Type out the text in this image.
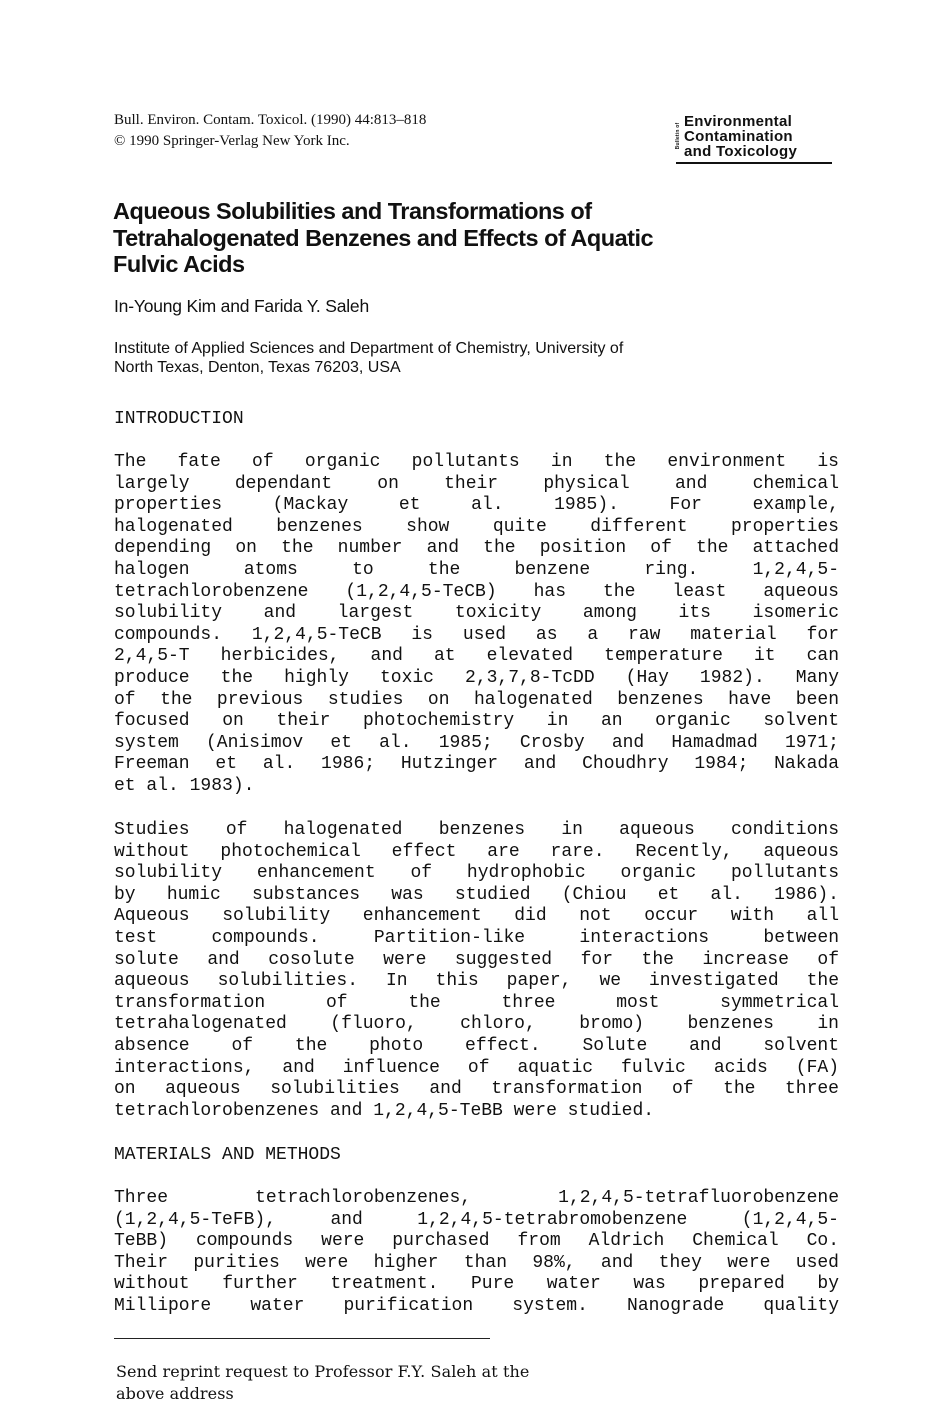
Bull. Environ. Contam. Toxicol. (1990) 44:813–818
© 1990 Springer-Verlag New York Inc.	Bulletin of
Environmental
Contamination
and Toxicology
Aqueous Solubilities and Transformations of
Tetrahalogenated Benzenes and Effects of Aquatic
Fulvic Acids
In-Young Kim and Farida Y. Saleh
Institute of Applied Sciences and Department of Chemistry, University of
North Texas, Denton, Texas 76203, USA
INTRODUCTION
The fate of organic pollutants in the environment is
largely dependant on their physical and chemical
properties (Mackay et al. 1985). For example,
halogenated benzenes show quite different properties
depending on the number and the position of the attached
halogen atoms to the benzene ring. 1,2,4,5-
tetrachlorobenzene (1,2,4,5-TeCB) has the least aqueous
solubility and largest toxicity among its isomeric
compounds. 1,2,4,5-TeCB is used as a raw material for
2,4,5-T herbicides, and at elevated temperature it can
produce the highly toxic 2,3,7,8-TcDD (Hay 1982). Many
of the previous studies on halogenated benzenes have been
focused on their photochemistry in an organic solvent
system (Anisimov et al. 1985; Crosby and Hamadmad 1971;
Freeman et al. 1986; Hutzinger and Choudhry 1984; Nakada
et al. 1983).
Studies of halogenated benzenes in aqueous conditions
without photochemical effect are rare. Recently, aqueous
solubility enhancement of hydrophobic organic pollutants
by humic substances was studied (Chiou et al. 1986).
Aqueous solubility enhancement did not occur with all
test compounds. Partition-like interactions between
solute and cosolute were suggested for the increase of
aqueous solubilities. In this paper, we investigated the
transformation of the three most symmetrical
tetrahalogenated (fluoro, chloro, bromo) benzenes in
absence of the photo effect. Solute and solvent
interactions, and influence of aquatic fulvic acids (FA)
on aqueous solubilities and transformation of the three
tetrachlorobenzenes and 1,2,4,5-TeBB were studied.
MATERIALS AND METHODS
Three tetrachlorobenzenes, 1,2,4,5-tetrafluorobenzene
(1,2,4,5-TeFB), and 1,2,4,5-tetrabromobenzene (1,2,4,5-
TeBB) compounds were purchased from Aldrich Chemical Co.
Their purities were higher than 98%, and they were used
without further treatment. Pure water was prepared by
Millipore water purification system. Nanograde quality
Send reprint request to Professor F.Y. Saleh at the
above address
